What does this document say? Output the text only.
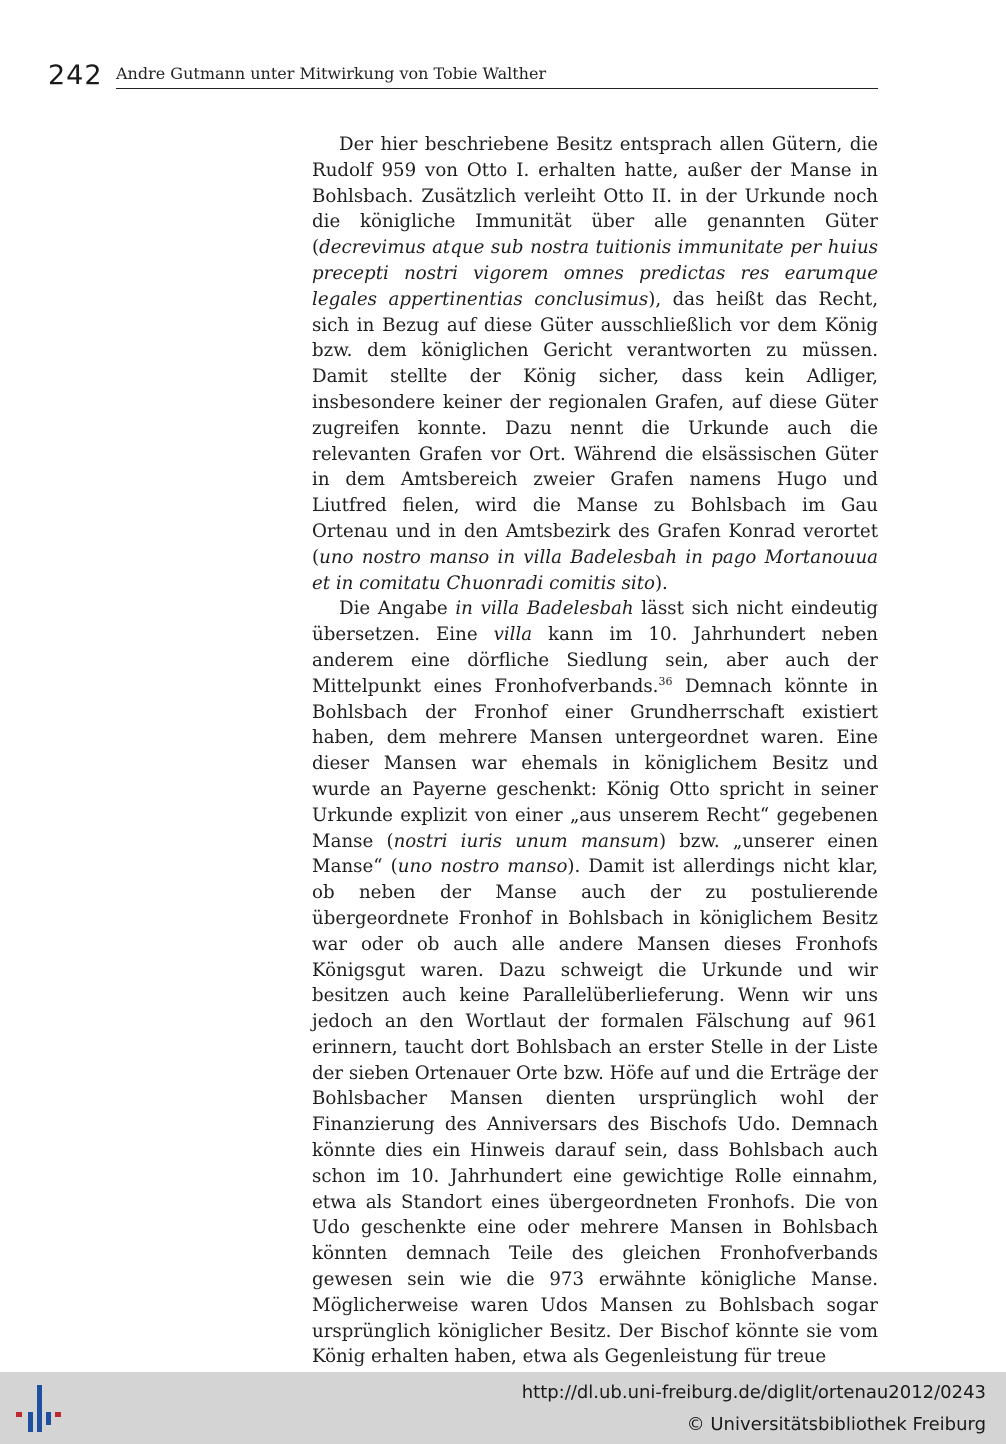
242 Andre Gutmann unter Mitwirkung von Tobie Walther

Der hier beschriebene Besitz entsprach allen Gütern, die Rudolf 959 von Otto I. erhalten hatte, außer der Manse in Bohlsbach. Zusätzlich verleiht Otto II. in der Urkunde noch die königliche Immunität über alle genannten Güter (decrevimus atque sub nostra tuitionis immunitate per huius precepti nostri vigorem omnes predictas res earumque legales appertinentias conclusimus), das heißt das Recht, sich in Bezug auf diese Güter ausschließlich vor dem König bzw. dem königlichen Gericht verantworten zu müssen. Damit stellte der König sicher, dass kein Adliger, insbesondere keiner der regionalen Grafen, auf diese Güter zugreifen konnte. Dazu nennt die Urkunde auch die relevanten Grafen vor Ort. Während die elsässischen Güter in dem Amtsbereich zweier Grafen namens Hugo und Liutfred fielen, wird die Manse zu Bohlsbach im Gau Ortenau und in den Amtsbezirk des Grafen Konrad verortet (uno nostro manso in villa Badelesbah in pago Mortanouua et in comitatu Chuonradi comitis sito).

Die Angabe in villa Badelesbah lässt sich nicht eindeutig übersetzen. Eine villa kann im 10. Jahrhundert neben anderem eine dörfliche Siedlung sein, aber auch der Mittelpunkt eines Fronhofverbands.$^{36}$ Demnach könnte in Bohlsbach der Fronhof einer Grundherrschaft existiert haben, dem mehrere Mansen untergeordnet waren. Eine dieser Mansen war ehemals in königlichem Besitz und wurde an Payerne geschenkt: König Otto spricht in seiner Urkunde explizit von einer „aus unserem Recht“ gegebenen Manse (nostri iuris unum mansum) bzw. „unserer einen Manse“ (uno nostro manso). Damit ist allerdings nicht klar, ob neben der Manse auch der zu postulierende übergeordnete Fronhof in Bohlsbach in königlichem Besitz war oder ob auch alle andere Mansen dieses Fronhofs Königsgut waren. Dazu schweigt die Urkunde und wir besitzen auch keine Parallelüberlieferung. Wenn wir uns jedoch an den Wortlaut der formalen Fälschung auf 961 erinnern, taucht dort Bohlsbach an erster Stelle in der Liste der sieben Ortenauer Orte bzw. Höfe auf und die Erträge der Bohlsbacher Mansen dienten ursprünglich wohl der Finanzierung des Anniversars des Bischofs Udo. Demnach könnte dies ein Hinweis darauf sein, dass Bohlsbach auch schon im 10. Jahrhundert eine gewichtige Rolle einnahm, etwa als Standort eines übergeordneten Fronhofs. Die von Udo geschenkte eine oder mehrere Mansen in Bohlsbach könnten demnach Teile des gleichen Fronhofverbands gewesen sein wie die 973 erwähnte königliche Manse. Möglicherweise waren Udos Mansen zu Bohlsbach sogar ursprünglich königlicher Besitz. Der Bischof könnte sie vom König erhalten haben, etwa als Gegenleistung für treue

http://dl.ub.uni-freiburg.de/diglit/ortenau2012/0243
© Universitätsbibliothek Freiburg
